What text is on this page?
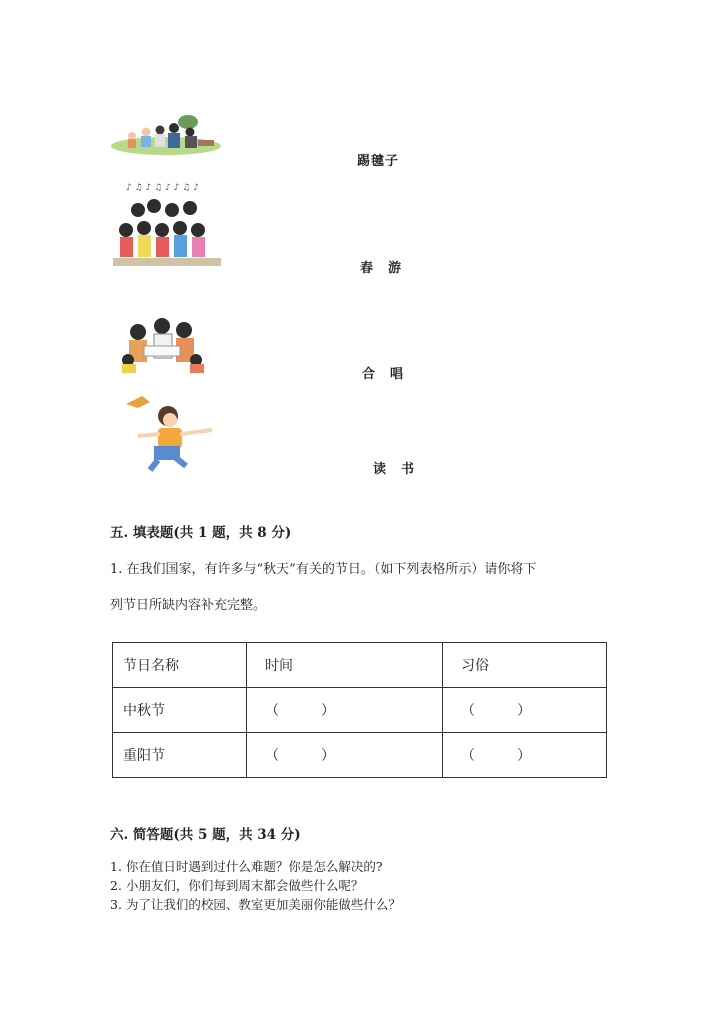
踢毽子
♪ ♫ ♪ ♫ ♪ ♪ ♫ ♪
春　游
合　唱
读　书
五. 填表题(共 1 题，共 8 分)
1. 在我们国家，有许多与“秋天”有关的节日。（如下列表格所示）请你将下
列节日所缺内容补充完整。
节日名称	时间	习俗
中秋节	（　　　）	（　　　）
重阳节	（　　　）	（　　　）
六. 简答题(共 5 题，共 34 分)
1. 你在值日时遇到过什么难题？你是怎么解决的?
2. 小朋友们，你们每到周末都会做些什么呢？
3. 为了让我们的校园、教室更加美丽你能做些什么？
